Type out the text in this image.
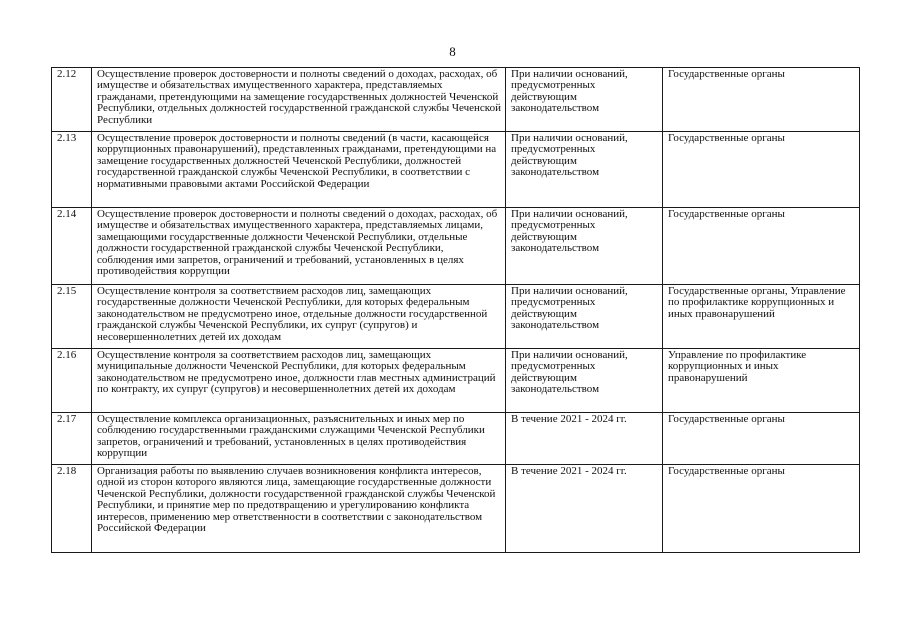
8
2.12	Осуществление проверок достоверности и полноты сведений о доходах, расходах, об имуществе и обязательствах имущественного характера, представляемых гражданами, претендующими на замещение государственных должностей Чеченской Республики, отдельных должностей государственной гражданской службы Чеченской Республики	При наличии оснований, предусмотренных действующим законодательством	Государственные органы
2.13	Осуществление проверок достоверности и полноты сведений (в части, касающейся коррупционных правонарушений), представленных гражданами, претендующими на замещение государственных должностей Чеченской Республики, должностей государственной гражданской службы Чеченской Республики, в соответствии с нормативными правовыми актами Российской Федерации	При наличии оснований, предусмотренных действующим законодательством	Государственные органы
2.14	Осуществление проверок достоверности и полноты сведений о доходах, расходах, об имуществе и обязательствах имущественного характера, представляемых лицами, замещающими государственные должности Чеченской Республики, отдельные должности государственной гражданской службы Чеченской Республики, соблюдения ими запретов, ограничений и требований, установленных в целях противодействия коррупции	При наличии оснований, предусмотренных действующим законодательством	Государственные органы
2.15	Осуществление контроля за соответствием расходов лиц, замещающих государственные должности Чеченской Республики, для которых федеральным законодательством не предусмотрено иное, отдельные должности государственной гражданской службы Чеченской Республики, их супруг (супругов) и несовершеннолетних детей их доходам	При наличии оснований, предусмотренных действующим законодательством	Государственные органы, Управление по профилактике коррупционных и иных правонарушений
2.16	Осуществление контроля за соответствием расходов лиц, замещающих муниципальные должности Чеченской Республики, для которых федеральным законодательством не предусмотрено иное, должности глав местных администраций по контракту, их супруг (супругов) и несовершеннолетних детей их доходам	При наличии оснований, предусмотренных действующим законодательством	Управление по профилактике коррупционных и иных правонарушений
2.17	Осуществление комплекса организационных, разъяснительных и иных мер по соблюдению государственными гражданскими служащими Чеченской Республики запретов, ограничений и требований, установленных в целях противодействия коррупции	В течение 2021 - 2024 гг.	Государственные органы
2.18	Организация работы по выявлению случаев возникновения конфликта интересов, одной из сторон которого являются лица, замещающие государственные должности Чеченской Республики, должности государственной гражданской службы Чеченской Республики, и принятие мер по предотвращению и урегулированию конфликта интересов, применению мер ответственности в соответствии с законодательством Российской Федерации	В течение 2021 - 2024 гг.	Государственные органы
